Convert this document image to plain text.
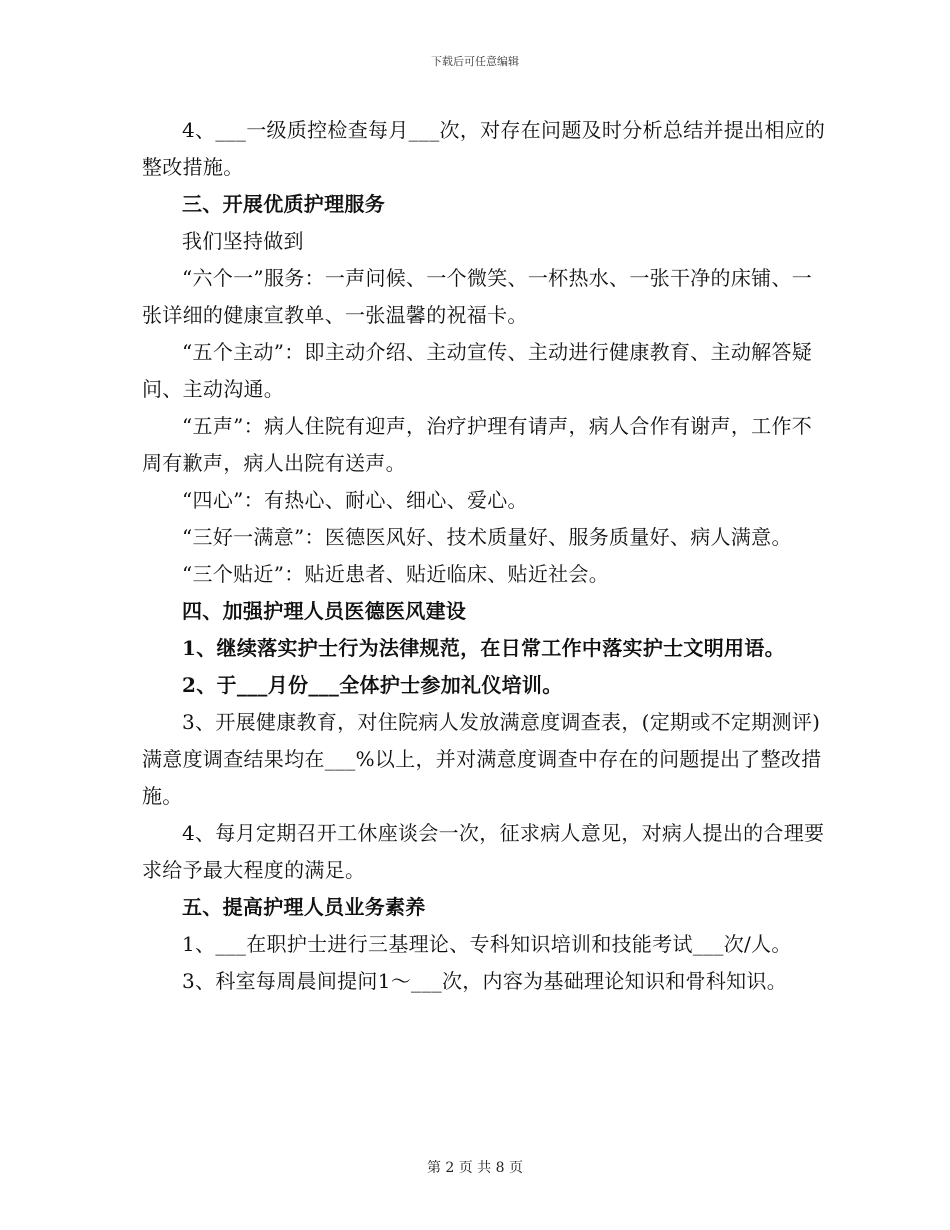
下载后可任意编辑

4、___一级质控检查每月___次，对存在问题及时分析总结并提出相应的整改措施。

三、开展优质护理服务

我们坚持做到

“六个一”服务：一声问候、一个微笑、一杯热水、一张干净的床铺、一张详细的健康宣教单、一张温馨的祝福卡。

“五个主动”：即主动介绍、主动宣传、主动进行健康教育、主动解答疑问、主动沟通。

“五声”：病人住院有迎声，治疗护理有请声，病人合作有谢声，工作不周有歉声，病人出院有送声。

“四心”：有热心、耐心、细心、爱心。

“三好一满意”：医德医风好、技术质量好、服务质量好、病人满意。

“三个贴近”：贴近患者、贴近临床、贴近社会。

四、加强护理人员医德医风建设

1、继续落实护士行为法律规范，在日常工作中落实护士文明用语。

2、于___月份___全体护士参加礼仪培训。

3、开展健康教育，对住院病人发放满意度调查表，(定期或不定期测评)满意度调查结果均在___%以上，并对满意度调查中存在的问题提出了整改措施。

4、每月定期召开工休座谈会一次，征求病人意见，对病人提出的合理要求给予最大程度的满足。

五、提高护理人员业务素养

1、___在职护士进行三基理论、专科知识培训和技能考试___次/人。

3、科室每周晨间提问1～___次，内容为基础理论知识和骨科知识。

第 2 页 共 8 页
